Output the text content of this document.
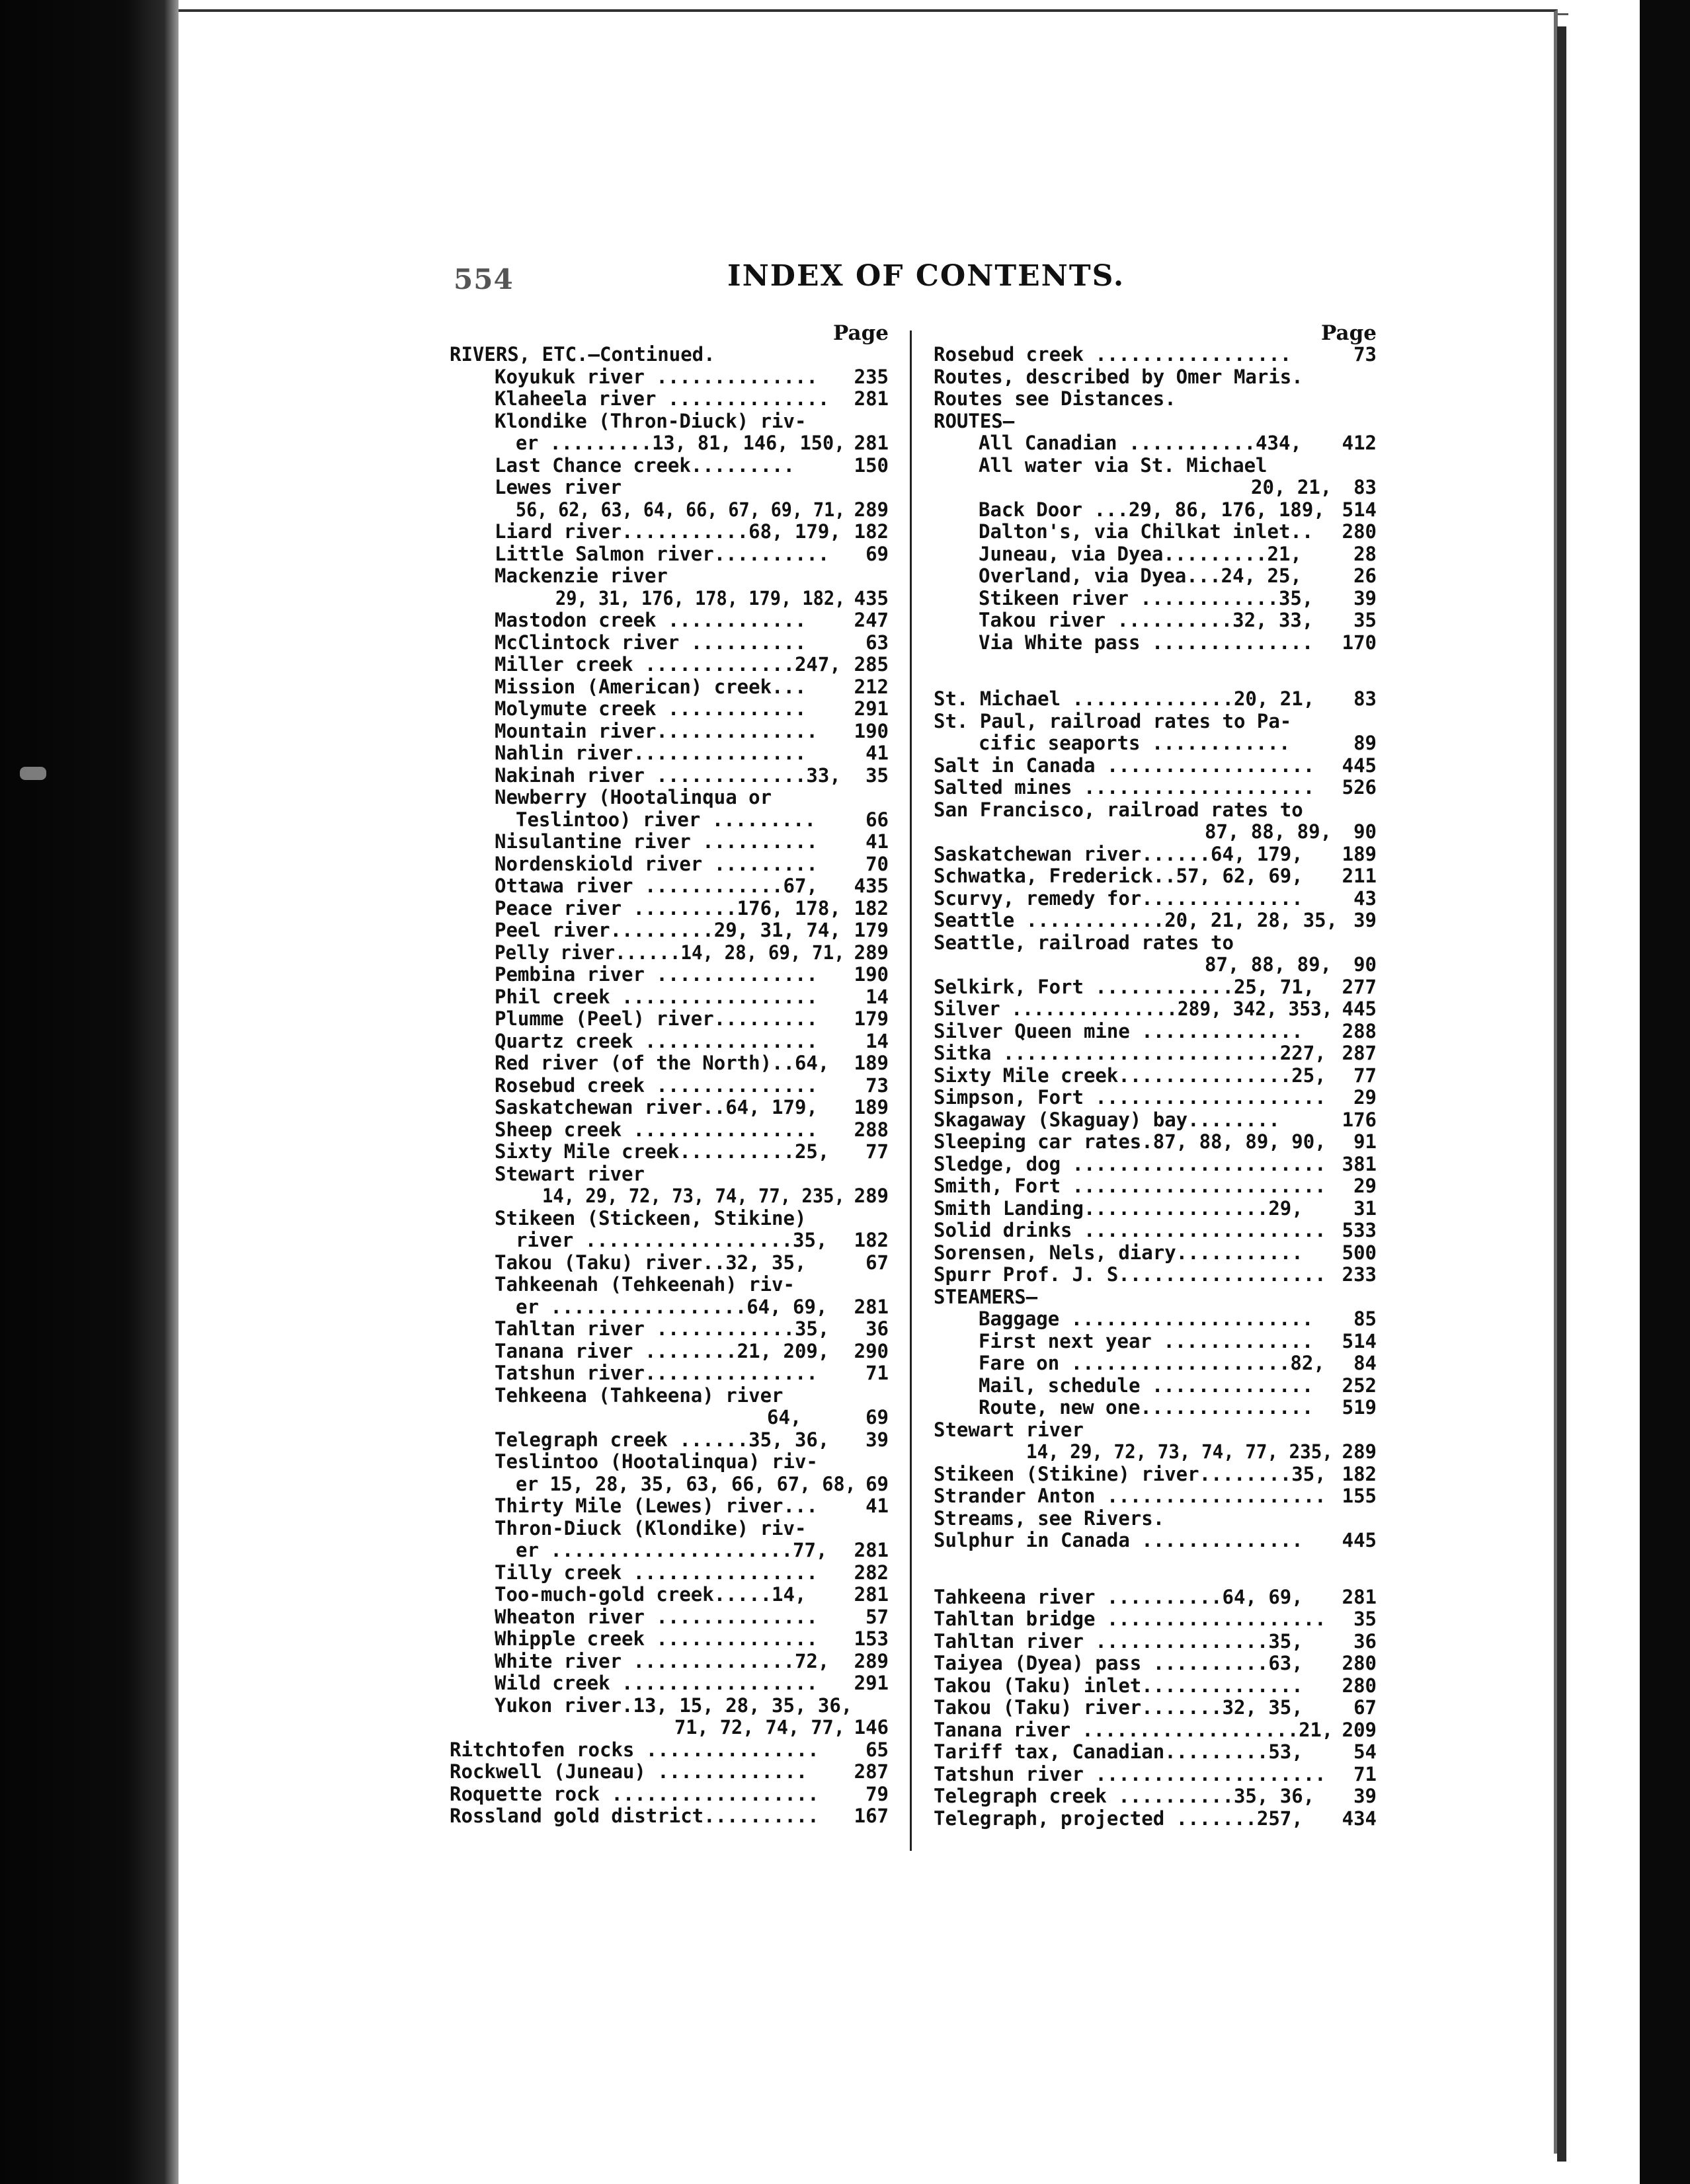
554	INDEX OF CONTENTS.
Page
RIVERS, ETC.—Continued.
Koyukuk river .............. 235
Klaheela river .............. 281
Klondike (Thron-Diuck) riv-
er .........13, 81, 146, 150, 281
Last Chance creek.........	150
Lewes river
56, 62, 63, 64, 66, 67, 69, 71, 289
Liard river...........68, 179, 182
Little Salmon river.......... 69
Mackenzie river
29, 31, 176, 178, 179, 182, 435
Mastodon creek ............ 247
McClintock river ..........	63
Miller creek .............247, 285
Mission (American) creek... 212
Molymute creek ............ 291
Mountain river.............. 190
Nahlin river...............	41
Nakinah river .............33, 35
Newberry (Hootalinqua or
Teslintoo) river .........	66
Nisulantine river .......... 41
Nordenskiold river ......... 70
Ottawa river ............67, 435
Peace river .........176, 178, 182
Peel river.........29, 31, 74, 179
Pelly river......14, 28, 69, 71, 289
Pembina river .............. 190
Phil creek ................. 14
Plumme (Peel) river......... 179
Quartz creek ............... 14
Red river (of the North)..64, 189
Rosebud creek .............. 73
Saskatchewan river..64, 179, 189
Sheep creek ................ 288
Sixty Mile creek..........25, 77
Stewart river
14, 29, 72, 73, 74, 77, 235, 289
Stikeen (Stickeen, Stikine)
river ..................35, 182
Takou (Taku) river..32, 35,	67
Tahkeenah (Tehkeenah) riv-
er .................64, 69, 281
Tahltan river ............35, 36
Tanana river ........21, 209, 290
Tatshun river............... 71
Tehkeena (Tahkeena) river
64,	69
Telegraph creek ......35, 36, 39
Teslintoo (Hootalinqua) riv-
er 15, 28, 35, 63, 66, 67, 68, 69
Thirty Mile (Lewes) river... 41
Thron-Diuck (Klondike) riv-
er .....................77, 281
Tilly creek ................ 282
Too-much-gold creek.....14, 281
Wheaton river .............. 57
Whipple creek .............. 153
White river ..............72, 289
Wild creek ................. 291
Yukon river.13, 15, 28, 35, 36,
71, 72, 74, 77, 146
Ritchtofen rocks ............... 65
Rockwell (Juneau) ............. 287
Roquette rock .................. 79
Rossland gold district.......... 167
Page
Rosebud creek .................	73
Routes, described by Omer Maris.
Routes see Distances.
ROUTES—
All Canadian ...........434, 412
All water via St. Michael
20, 21, 83
Back Door ...29, 86, 176, 189, 514
Dalton's, via Chilkat inlet.. 280
Juneau, via Dyea.........21,	28
Overland, via Dyea...24, 25,	26
Stikeen river ............35, 39
Takou river ..........32, 33, 35
Via White pass .............. 170
St. Michael ..............20, 21, 83
St. Paul, railroad rates to Pa-
cific seaports ............	89
Salt in Canada .................. 445
Salted mines .................... 526
San Francisco, railroad rates to
87, 88, 89, 90
Saskatchewan river......64, 179, 189
Schwatka, Frederick..57, 62, 69, 211
Scurvy, remedy for..............	43
Seattle ............20, 21, 28, 35, 39
Seattle, railroad rates to
87, 88, 89, 90
Selkirk, Fort ............25, 71, 277
Silver ...............289, 342, 353, 445
Silver Queen mine .............. 288
Sitka ........................227, 287
Sixty Mile creek...............25, 77
Simpson, Fort .................... 29
Skagaway (Skaguay) bay........	176
Sleeping car rates.87, 88, 89, 90, 91
Sledge, dog ...................... 381
Smith, Fort ...................... 29
Smith Landing................29,	31
Solid drinks ..................... 533
Sorensen, Nels, diary........... 500
Spurr Prof. J. S.................. 233
STEAMERS—
Baggage ..................... 85
First next year ............. 514
Fare on ...................82, 84
Mail, schedule .............. 252
Route, new one............... 519
Stewart river
14, 29, 72, 73, 74, 77, 235, 289
Stikeen (Stikine) river........35, 182
Strander Anton ................... 155
Streams, see Rivers.
Sulphur in Canada .............. 445
Tahkeena river ..........64, 69, 281
Tahltan bridge ................... 35
Tahltan river ...............35,	36
Taiyea (Dyea) pass ..........63, 280
Takou (Taku) inlet.............. 280
Takou (Taku) river.......32, 35,	67
Tanana river ...................21, 209
Tariff tax, Canadian.........53,	54
Tatshun river .................... 71
Telegraph creek ..........35, 36, 39
Telegraph, projected .......257, 434
